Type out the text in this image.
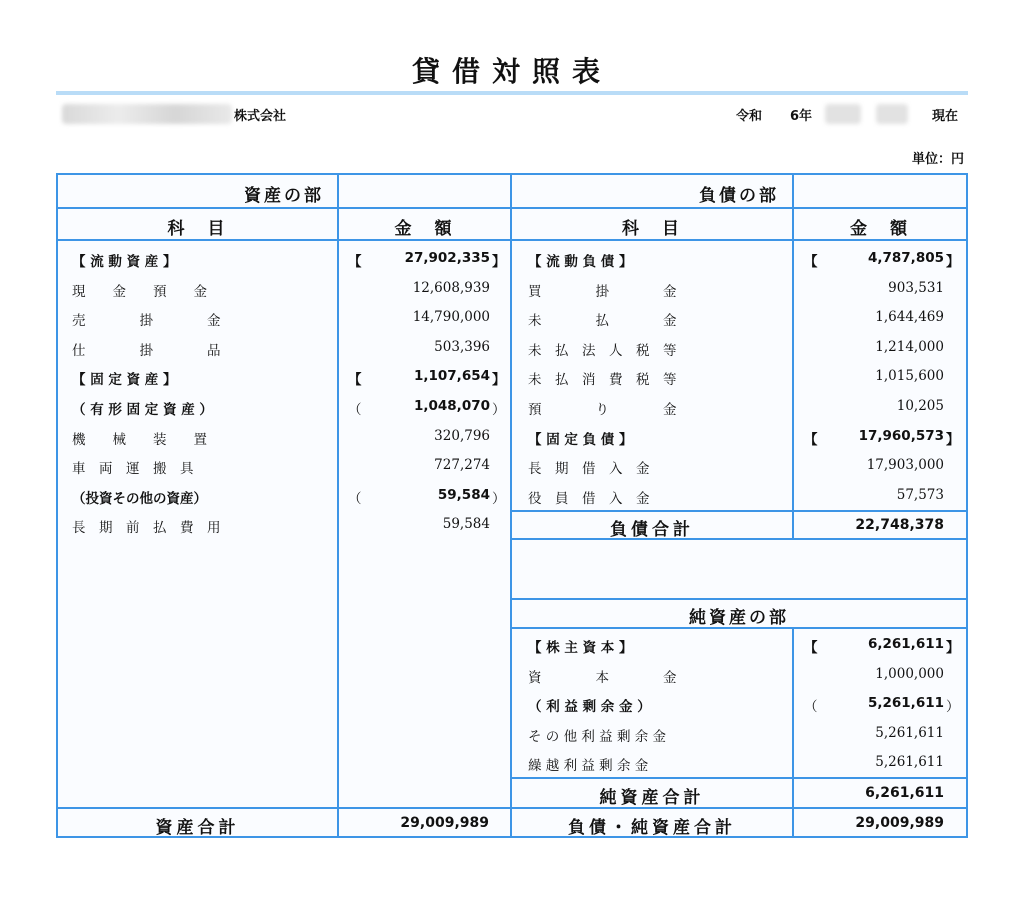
貸借対照表
株式会社	令和 6年	現在
単位：円
資産の部	負債の部
科　目	金　額	科　目	金　額
【 流 動 資 産 】	【	27,902,335 】
現　　金　　預　　金	12,608,939
売　　　　掛　　　　金	14,790,000
仕　　　　掛　　　　品	503,396
【 固 定 資 産 】	【	1,107,654 】
（ 有 形 固 定 資 産 ）	（	1,048,070 ）
機　　械　　装　　置	320,796
車　両　運　搬　具	727,274
（投資その他の資産）	（	59,584 ）
長　期　前　払　費　用	59,584
【 流 動 負 債 】	【	4,787,805 】
買　　　　掛　　　　金	903,531
未　　　　払　　　　金	1,644,469
未　払　法　人　税　等	1,214,000
未　払　消　費　税　等	1,015,600
預　　　　り　　　　金	10,205
【 固 定 負 債 】	【	17,960,573 】
長　期　借　入　金	17,903,000
役　員　借　入　金	57,573
負債合計	22,748,378
純資産の部
【 株 主 資 本 】	【	6,261,611 】
資　　　　本　　　　金	1,000,000
（ 利 益 剰 余 金 ）	（	5,261,611 ）
そ の 他 利 益 剰 余 金	5,261,611
繰 越 利 益 剰 余 金	5,261,611
純資産合計	6,261,611
資産合計	29,009,989	負債・純資産合計	29,009,989
